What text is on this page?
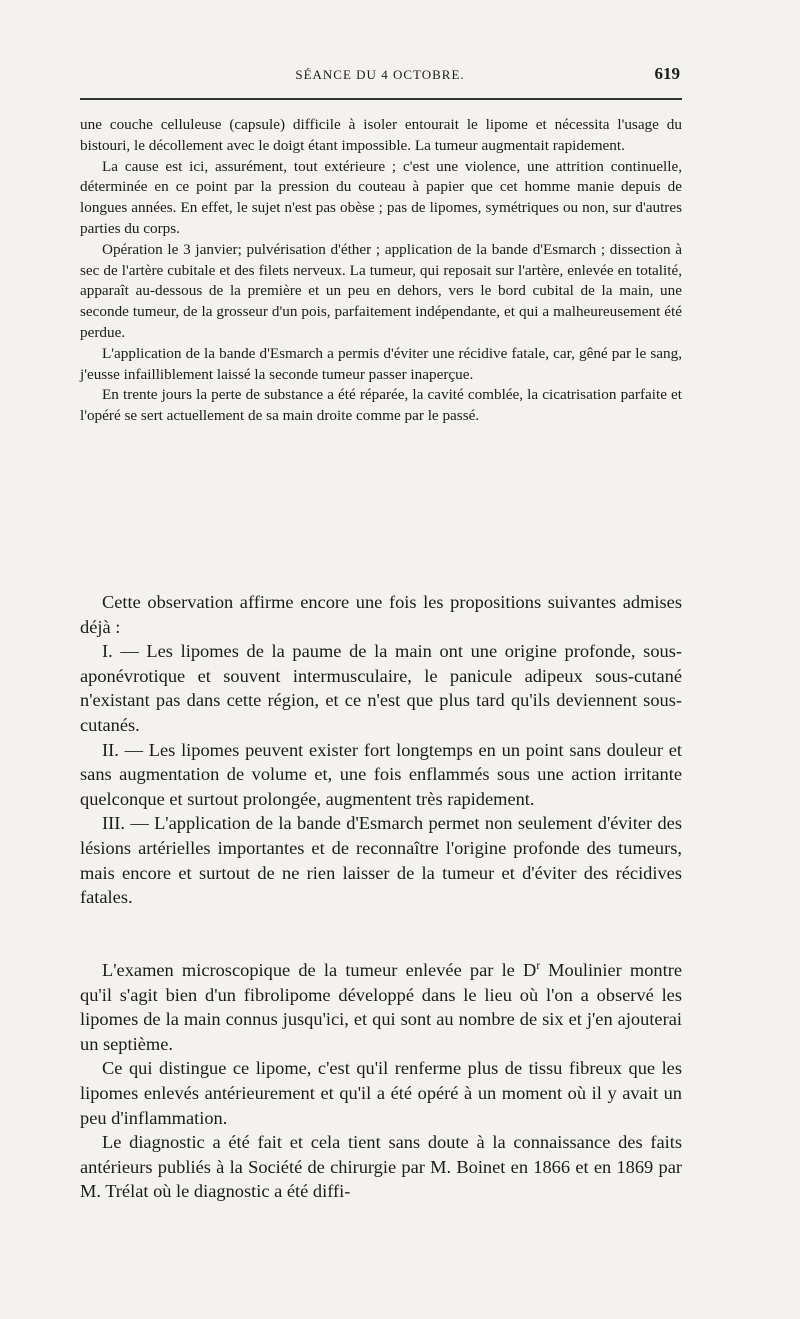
SÉANCE DU 4 OCTOBRE.	619

une couche celluleuse (capsule) difficile à isoler entourait le lipome et nécessita l'usage du bistouri, le décollement avec le doigt étant impossible. La tumeur augmentait rapidement.

La cause est ici, assurément, tout extérieure ; c'est une violence, une attrition continuelle, déterminée en ce point par la pression du couteau à papier que cet homme manie depuis de longues années. En effet, le sujet n'est pas obèse ; pas de lipomes, symétriques ou non, sur d'autres parties du corps.

Opération le 3 janvier; pulvérisation d'éther ; application de la bande d'Esmarch ; dissection à sec de l'artère cubitale et des filets nerveux. La tumeur, qui reposait sur l'artère, enlevée en totalité, apparaît au-dessous de la première et un peu en dehors, vers le bord cubital de la main, une seconde tumeur, de la grosseur d'un pois, parfaitement indépendante, et qui a malheureusement été perdue.

L'application de la bande d'Esmarch a permis d'éviter une récidive fatale, car, gêné par le sang, j'eusse infailliblement laissé la seconde tumeur passer inaperçue.

En trente jours la perte de substance a été réparée, la cavité comblée, la cicatrisation parfaite et l'opéré se sert actuellement de sa main droite comme par le passé.

Cette observation affirme encore une fois les propositions suivantes admises déjà :

I. — Les lipomes de la paume de la main ont une origine profonde, sous-aponévrotique et souvent intermusculaire, le panicule adipeux sous-cutané n'existant pas dans cette région, et ce n'est que plus tard qu'ils deviennent sous-cutanés.

II. — Les lipomes peuvent exister fort longtemps en un point sans douleur et sans augmentation de volume et, une fois enflammés sous une action irritante quelconque et surtout prolongée, augmentent très rapidement.

III. — L'application de la bande d'Esmarch permet non seulement d'éviter des lésions artérielles importantes et de reconnaître l'origine profonde des tumeurs, mais encore et surtout de ne rien laisser de la tumeur et d'éviter des récidives fatales.

L'examen microscopique de la tumeur enlevée par le $D^r$ Moulinier montre qu'il s'agit bien d'un fibrolipome développé dans le lieu où l'on a observé les lipomes de la main connus jusqu'ici, et qui sont au nombre de six et j'en ajouterai un septième.

Ce qui distingue ce lipome, c'est qu'il renferme plus de tissu fibreux que les lipomes enlevés antérieurement et qu'il a été opéré à un moment où il y avait un peu d'inflammation.

Le diagnostic a été fait et cela tient sans doute à la connaissance des faits antérieurs publiés à la Société de chirurgie par M. Boinet en 1866 et en 1869 par M. Trélat où le diagnostic a été diffi-
